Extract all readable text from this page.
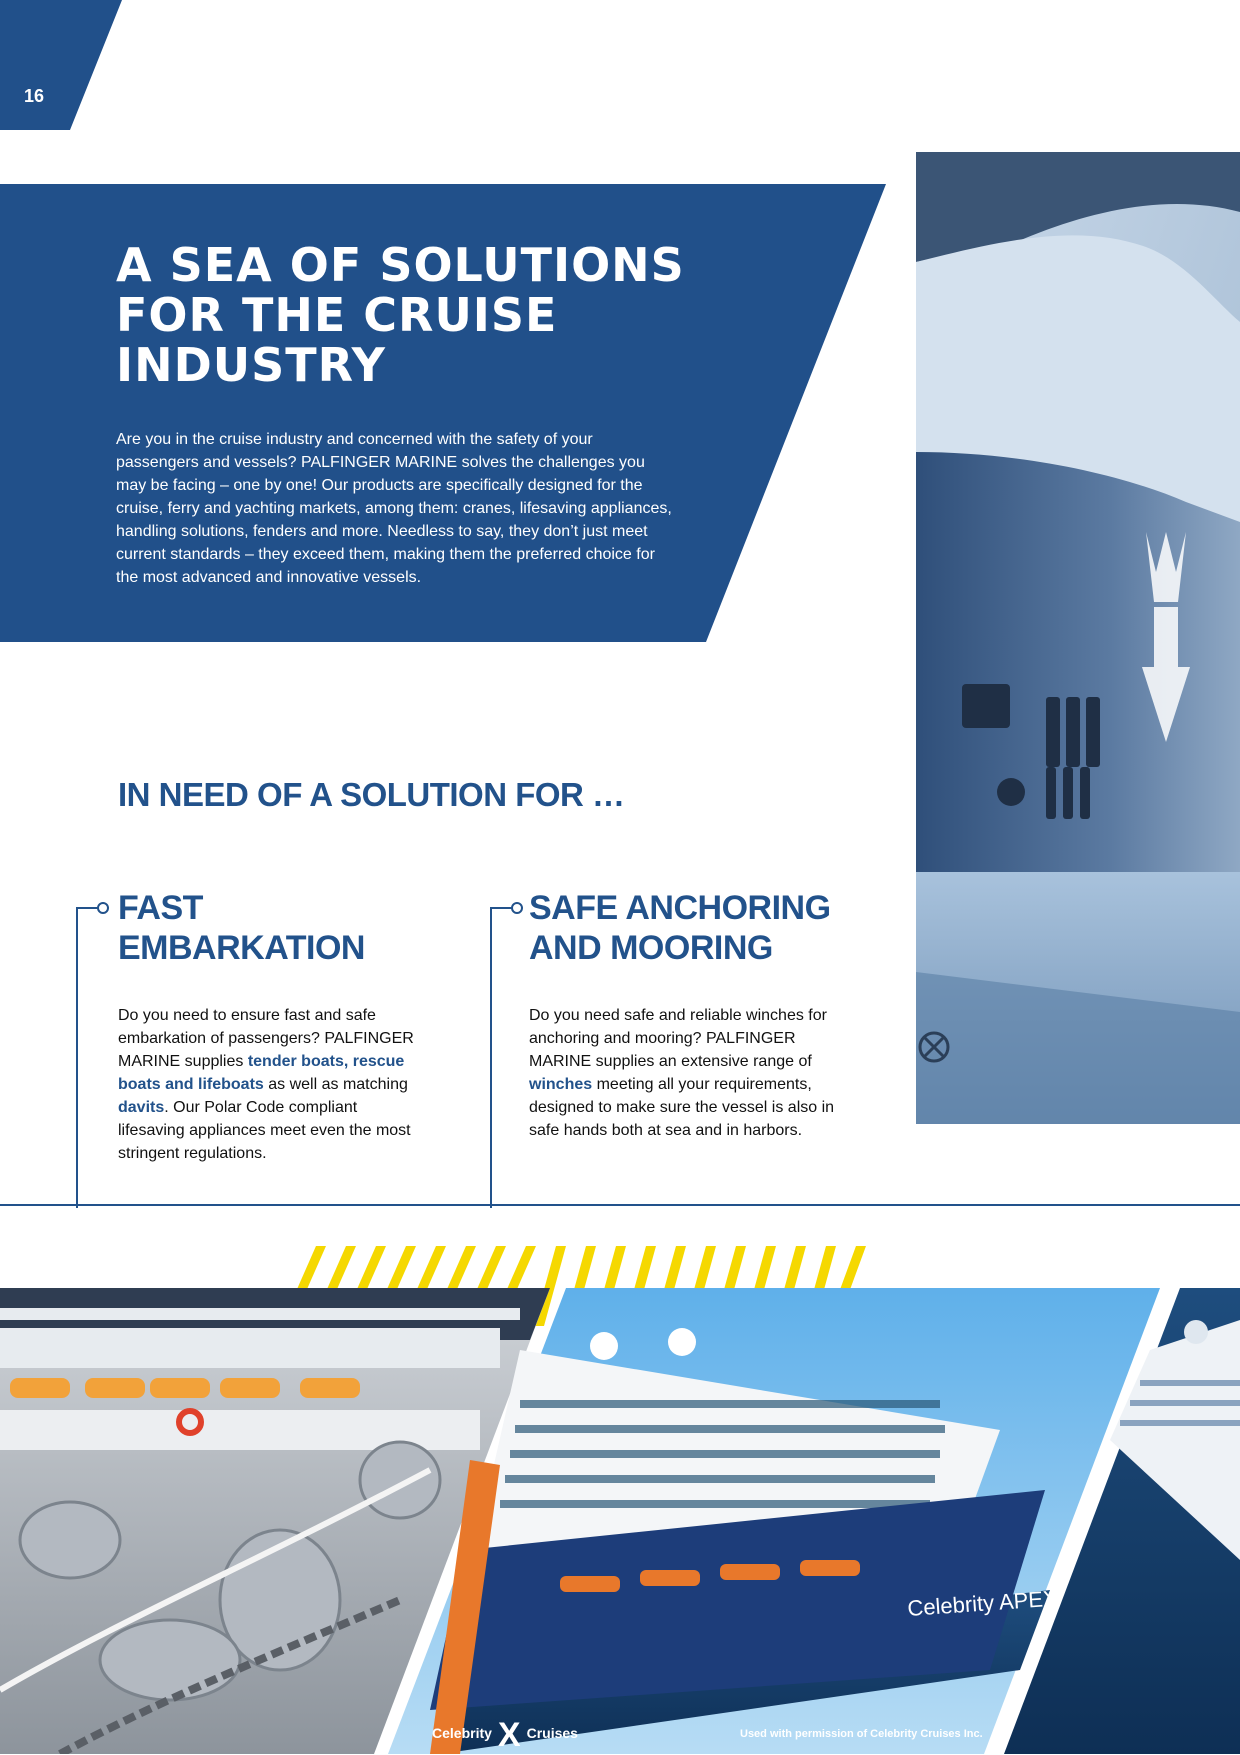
16
A SEA OF SOLUTIONS
FOR THE CRUISE
INDUSTRY

Are you in the cruise industry and concerned with the safety of your passengers and vessels? PALFINGER MARINE solves the challenges you may be facing – one by one! Our products are specifically designed for the cruise, ferry and yachting markets, among them: cranes, lifesaving appliances, handling solutions, fenders and more. Needless to say, they don’t just meet current standards – they exceed them, making them the preferred choice for the most advanced and innovative vessels.

IN NEED OF A SOLUTION FOR …
FAST
EMBARKATION

Do you need to ensure fast and safe embarkation of passengers? PALFINGER MARINE supplies tender boats, rescue boats and lifeboats as well as matching davits. Our Polar Code compliant lifesaving appliances meet even the most stringent regulations.

SAFE ANCHORING
AND MOORING

Do you need safe and reliable winches for anchoring and mooring? PALFINGER MARINE supplies an extensive range of winches meeting all your requirements, designed to make sure the vessel is also in safe hands both at sea and in harbors.

Celebrity APEX
Celebrity X Cruises	Used with permission of Celebrity Cruises Inc.
